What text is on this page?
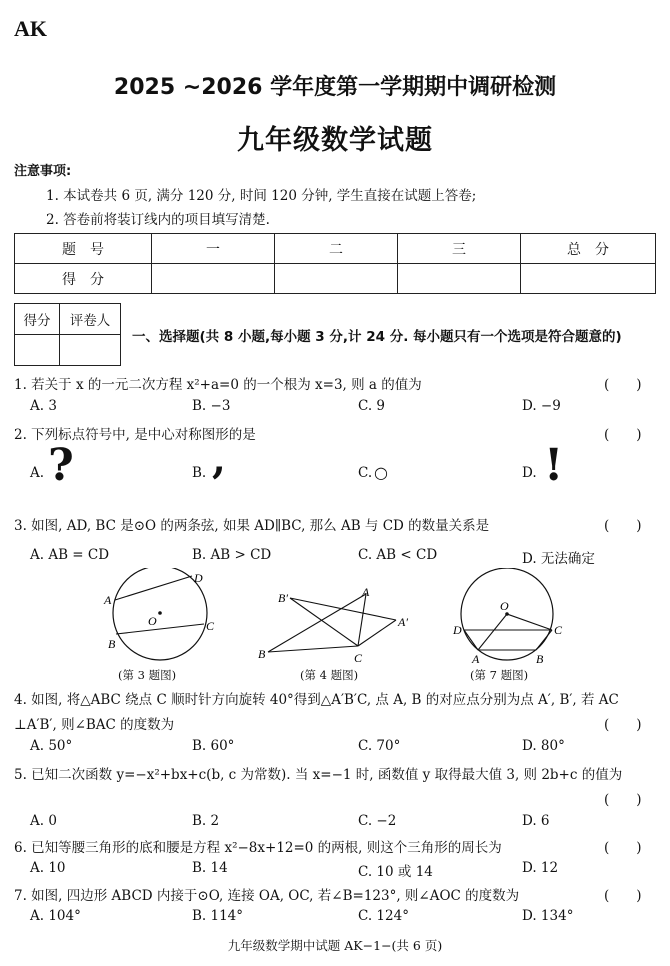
AK
2025 ~2026 学年度第一学期期中调研检测
九年级数学试题
注意事项:
1. 本试卷共 6 页, 满分 120 分, 时间 120 分钟, 学生直接在试题上答卷;
2. 答卷前将装订线内的项目填写清楚.
题　号	一	二	三	总　分
得　分				
得分	评卷人

一、选择题(共 8 小题,每小题 3 分,计 24 分. 每小题只有一个选项是符合题意的)
1. 若关于 x 的一元二次方程 x²+a=0 的一个根为 x=3, 则 a 的值为	(　　)
A. 3	B. −3	C. 9	D. −9
2. 下列标点符号中, 是中心对称图形的是	(　　)
A. ?	B. ,	C. ○	D. !
3. 如图, AD, BC 是⊙O 的两条弦, 如果 AD∥BC, 那么 AB 与 CD 的数量关系是	(　　)
A. AB = CD	B. AB > CD	C. AB < CD	D. 无法确定
A
D
O
B
C
(第 3 题图)
B′	A
A′
B	C
(第 4 题图)
O
D	C
A	B
(第 7 题图)
4. 如图, 将△ABC 绕点 C 顺时针方向旋转 40°得到△A′B′C, 点 A, B 的对应点分别为点 A′, B′, 若 AC
⊥A′B′, 则∠BAC 的度数为	(　　)
A. 50°	B. 60°	C. 70°	D. 80°
5. 已知二次函数 y=−x²+bx+c(b, c 为常数). 当 x=−1 时, 函数值 y 取得最大值 3, 则 2b+c 的值为
(　　)
A. 0	B. 2	C. −2	D. 6
6. 已知等腰三角形的底和腰是方程 x²−8x+12=0 的两根, 则这个三角形的周长为	(　　)
A. 10	B. 14	C. 10 或 14	D. 12
7. 如图, 四边形 ABCD 内接于⊙O, 连接 OA, OC, 若∠B=123°, 则∠AOC 的度数为	(　　)
A. 104°	B. 114°	C. 124°	D. 134°
九年级数学期中试题 AK−1−(共 6 页)
